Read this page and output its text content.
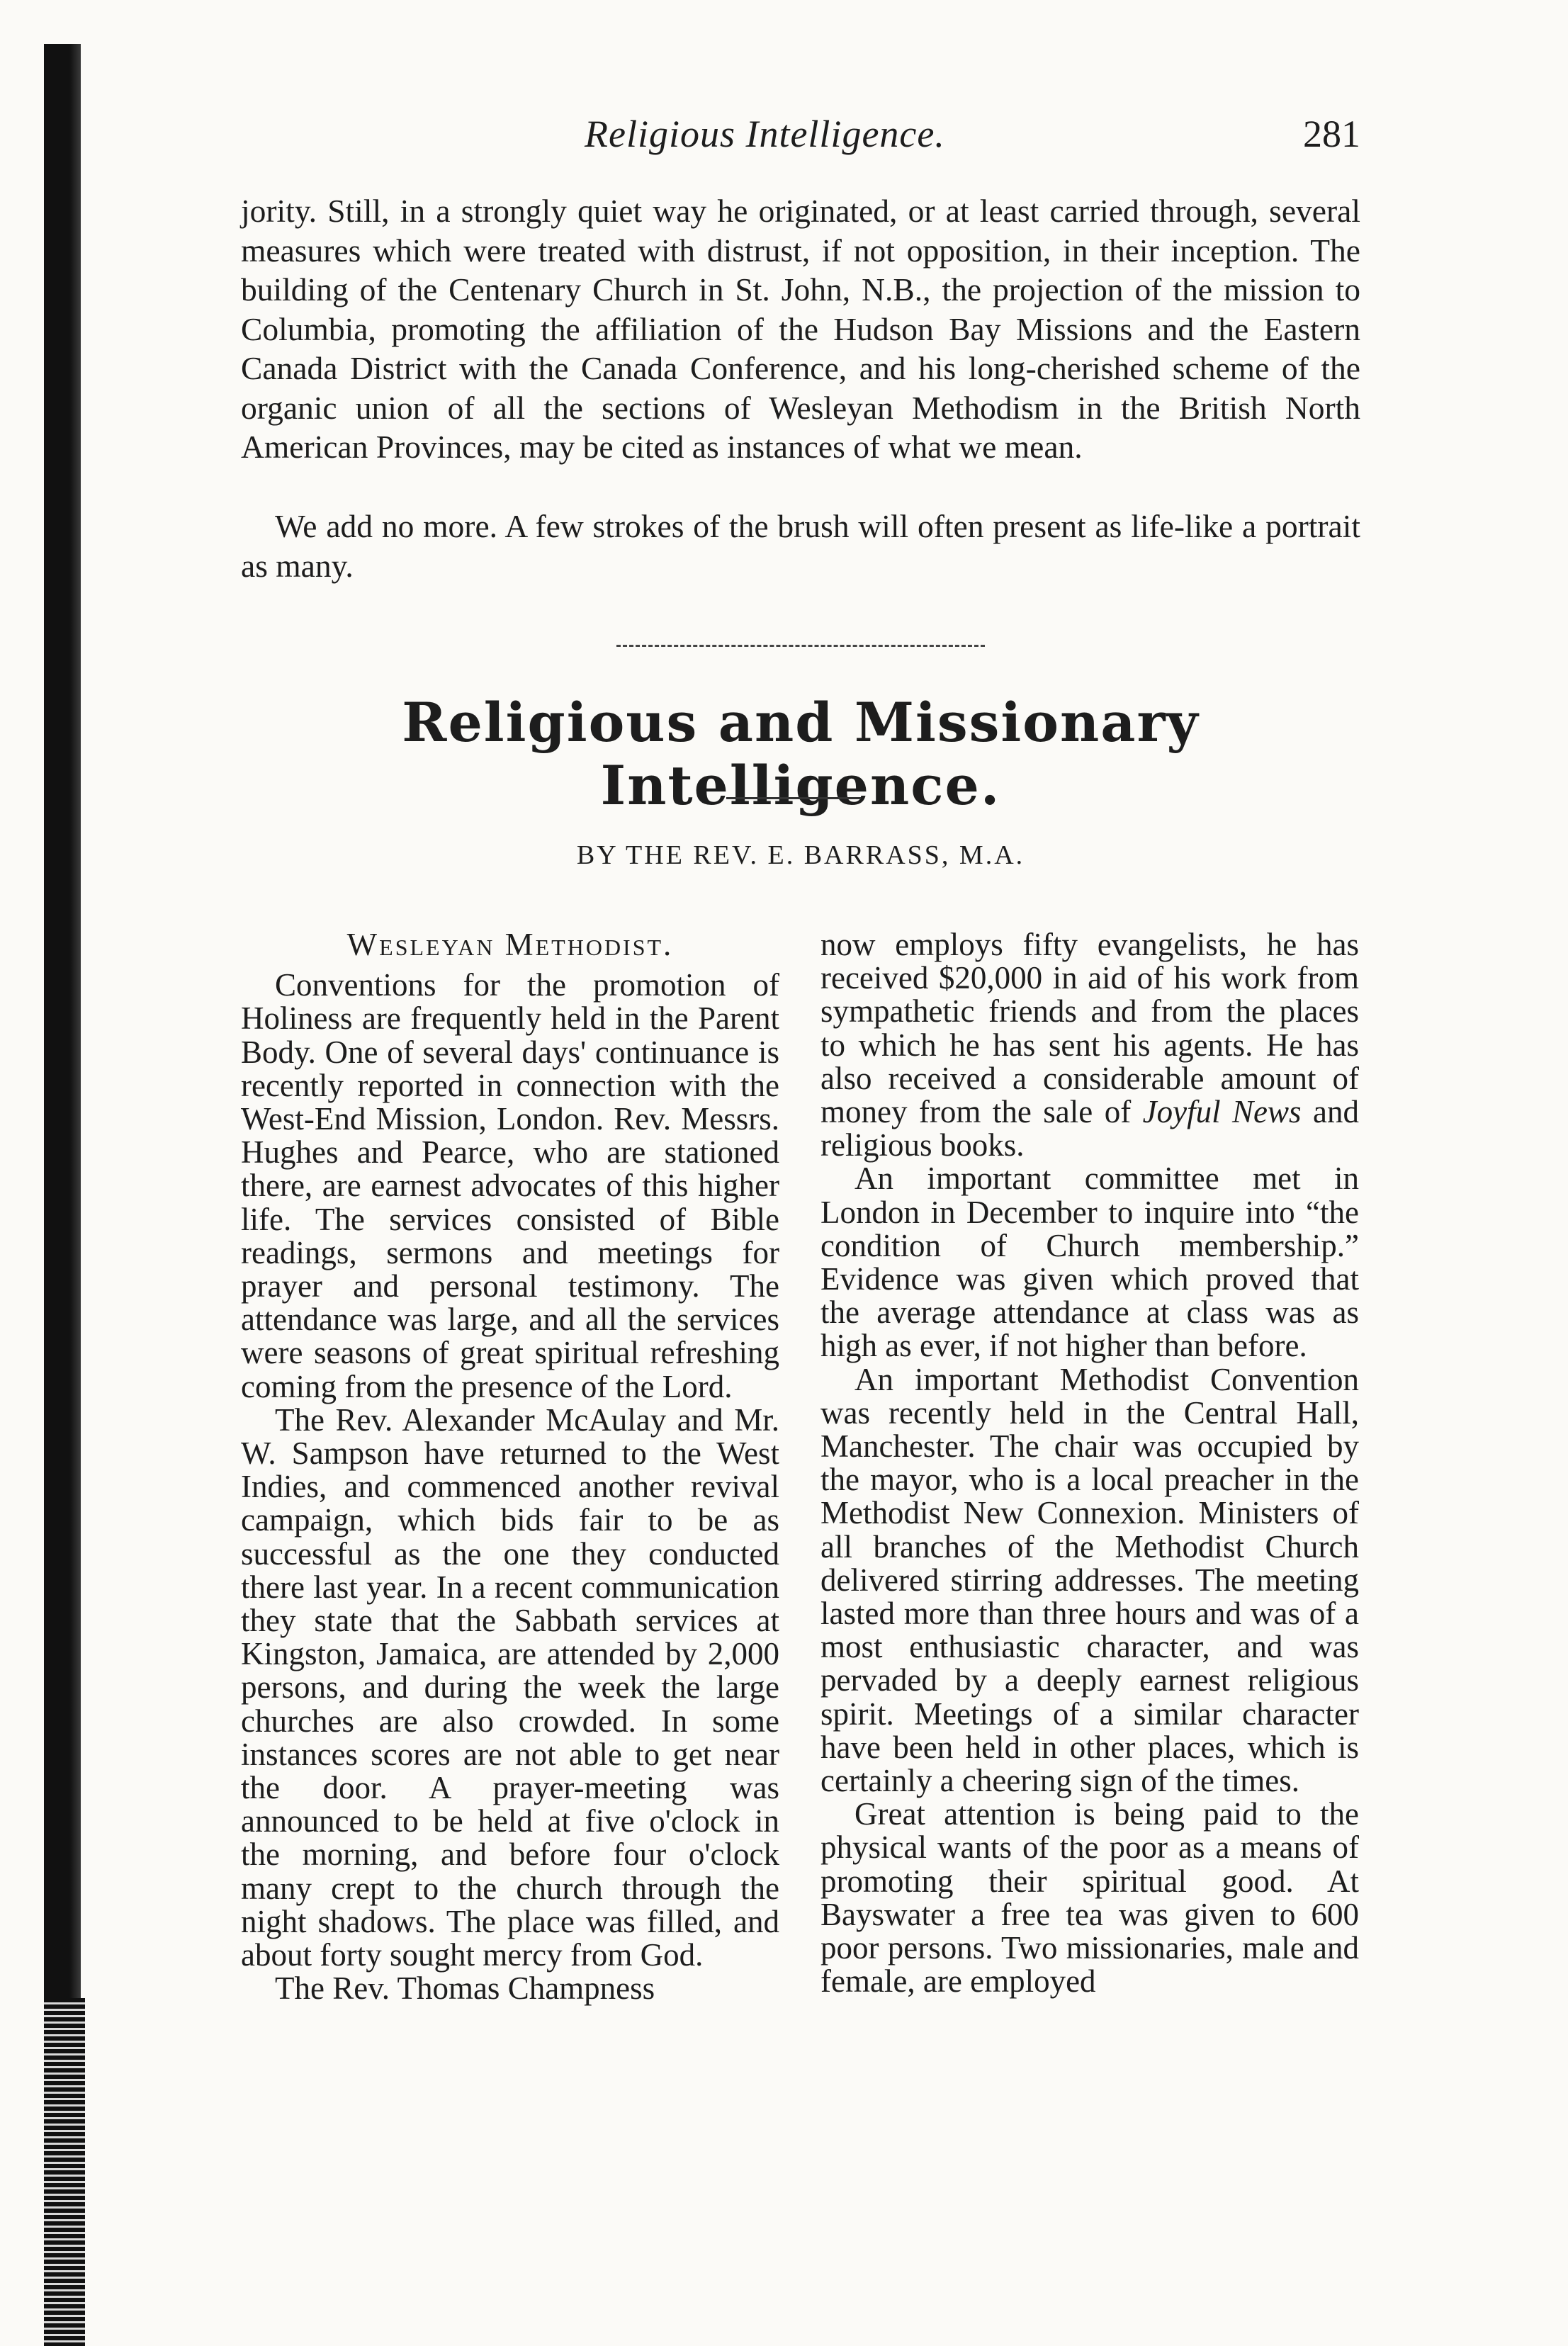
Religious Intelligence.	281

jority. Still, in a strongly quiet way he originated, or at least carried through, several measures which were treated with distrust, if not opposition, in their inception. The building of the Centenary Church in St. John, N.B., the projection of the mission to Columbia, promoting the affiliation of the Hudson Bay Missions and the Eastern Canada District with the Canada Conference, and his long-cherished scheme of the organic union of all the sections of Wesleyan Methodism in the British North American Provinces, may be cited as instances of what we mean.

We add no more. A few strokes of the brush will often present as life-like a portrait as many.

Religious and Missionary Intelligence.
BY THE REV. E. BARRASS, M.A.
Wesleyan Methodist.

Conventions for the promotion of Holiness are frequently held in the Parent Body. One of several days' continuance is recently reported in connection with the West-End Mission, London. Rev. Messrs. Hughes and Pearce, who are stationed there, are earnest advocates of this higher life. The services consisted of Bible readings, sermons and meetings for prayer and personal testimony. The attendance was large, and all the services were seasons of great spiritual refreshing coming from the presence of the Lord.

The Rev. Alexander McAulay and Mr. W. Sampson have returned to the West Indies, and commenced another revival campaign, which bids fair to be as successful as the one they conducted there last year. In a recent communication they state that the Sabbath services at Kingston, Jamaica, are attended by 2,000 persons, and during the week the large churches are also crowded. In some instances scores are not able to get near the door. A prayer-meeting was announced to be held at five o'clock in the morning, and before four o'clock many crept to the church through the night shadows. The place was filled, and about forty sought mercy from God.

The Rev. Thomas Champness

now employs fifty evangelists, he has received $20,000 in aid of his work from sympathetic friends and from the places to which he has sent his agents. He has also received a considerable amount of money from the sale of Joyful News and religious books.

An important committee met in London in December to inquire into “the condition of Church membership.” Evidence was given which proved that the average attendance at class was as high as ever, if not higher than before.

An important Methodist Convention was recently held in the Central Hall, Manchester. The chair was occupied by the mayor, who is a local preacher in the Methodist New Connexion. Ministers of all branches of the Methodist Church delivered stirring addresses. The meeting lasted more than three hours and was of a most enthusiastic character, and was pervaded by a deeply earnest religious spirit. Meetings of a similar character have been held in other places, which is certainly a cheering sign of the times.

Great attention is being paid to the physical wants of the poor as a means of promoting their spiritual good. At Bayswater a free tea was given to 600 poor persons. Two missionaries, male and female, are employed
